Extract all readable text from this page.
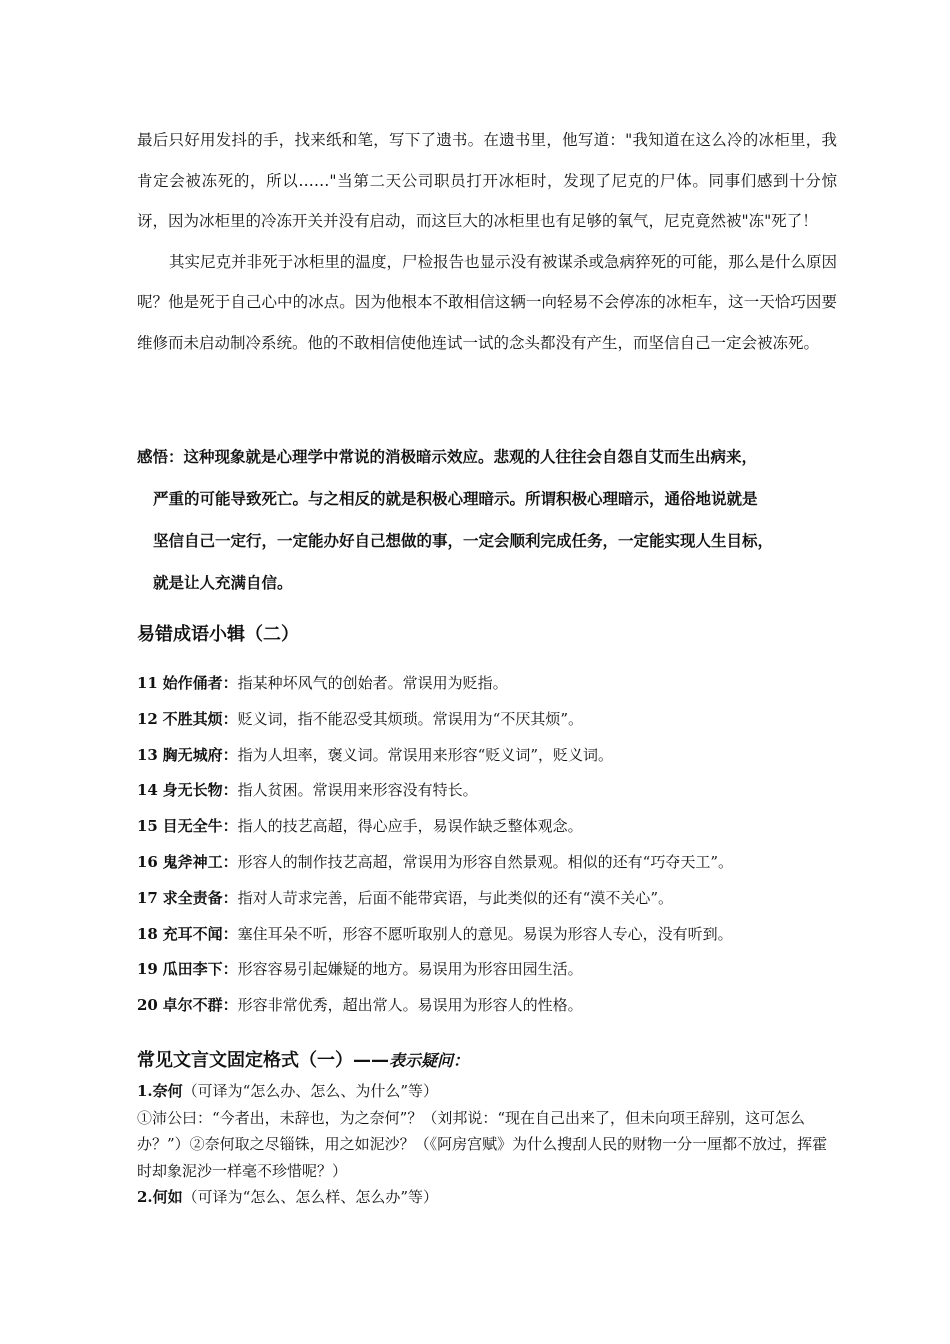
最后只好用发抖的手，找来纸和笔，写下了遗书。在遗书里，他写道："我知道在这么冷的冰柜里，我肯定会被冻死的，所以……"当第二天公司职员打开冰柜时，发现了尼克的尸体。同事们感到十分惊讶，因为冰柜里的冷冻开关并没有启动，而这巨大的冰柜里也有足够的氧气，尼克竟然被"冻"死了！

其实尼克并非死于冰柜里的温度，尸检报告也显示没有被谋杀或急病猝死的可能，那么是什么原因呢？他是死于自己心中的冰点。因为他根本不敢相信这辆一向轻易不会停冻的冰柜车，这一天恰巧因要维修而未启动制冷系统。他的不敢相信使他连试一试的念头都没有产生，而坚信自己一定会被冻死。

感悟：这种现象就是心理学中常说的消极暗示效应。悲观的人往往会自怨自艾而生出病来，
严重的可能导致死亡。与之相反的就是积极心理暗示。所谓积极心理暗示，通俗地说就是
坚信自己一定行，一定能办好自己想做的事，一定会顺利完成任务，一定能实现人生目标，
就是让人充满自信。
易错成语小辑（二）
11 始作俑者：指某种坏风气的创始者。常误用为贬指。
12 不胜其烦：贬义词，指不能忍受其烦琐。常误用为“不厌其烦”。
13 胸无城府：指为人坦率，褒义词。常误用来形容“贬义词”，贬义词。
14 身无长物：指人贫困。常误用来形容没有特长。
15 目无全牛：指人的技艺高超，得心应手，易误作缺乏整体观念。
16 鬼斧神工：形容人的制作技艺高超，常误用为形容自然景观。相似的还有“巧夺天工”。
17 求全责备：指对人苛求完善，后面不能带宾语，与此类似的还有“漠不关心”。
18 充耳不闻：塞住耳朵不听，形容不愿听取别人的意见。易误为形容人专心，没有听到。
19 瓜田李下：形容容易引起嫌疑的地方。易误用为形容田园生活。
20 卓尔不群：形容非常优秀，超出常人。易误用为形容人的性格。
常见文言文固定格式（一）——表示疑问：

1.奈何（可译为“怎么办、怎么、为什么”等）

①沛公曰：“今者出，未辞也，为之奈何”？（刘邦说：“现在自己出来了，但未向项王辞别，这可怎么办？”）②奈何取之尽锱铢，用之如泥沙？（《阿房宫赋》为什么搜刮人民的财物一分一厘都不放过，挥霍时却象泥沙一样毫不珍惜呢？）

2.何如（可译为“怎么、怎么样、怎么办”等）
